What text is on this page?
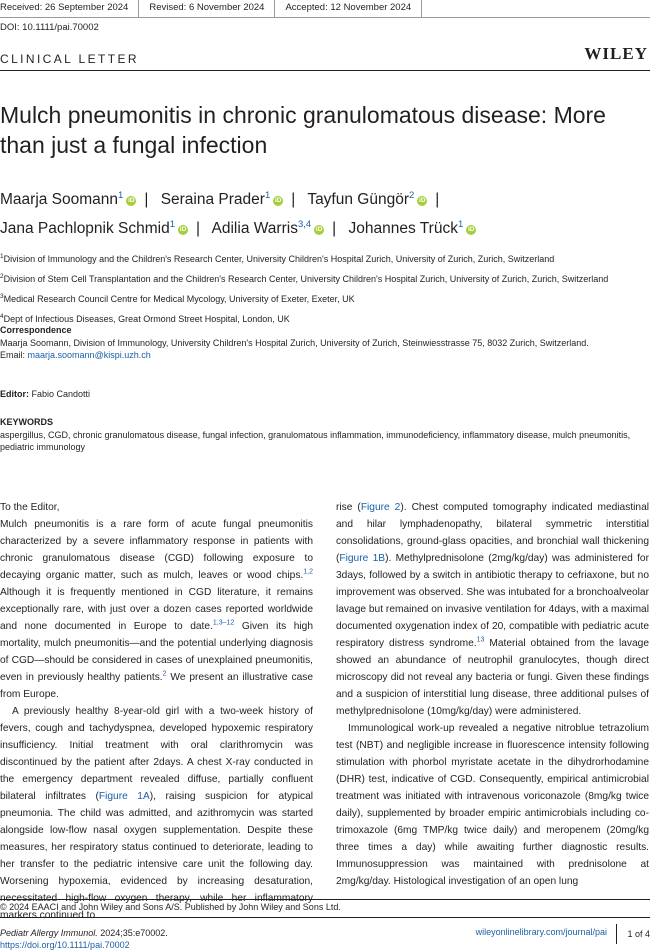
Received: 26 September 2024	Revised: 6 November 2024	Accepted: 12 November 2024
DOI: 10.1111/pai.70002
CLINICAL LETTER	WILEY
Mulch pneumonitis in chronic granulomatous disease: More than just a fungal infection
Maarja Soomann$^1$ iD | Seraina Prader$^1$ iD | Tayfun Güngör$^2$ iD |
Jana Pachlopnik Schmid$^1$ iD | Adilia Warris$^{3,4}$ iD | Johannes Trück$^1$ iD
$^1$Division of Immunology and the Children's Research Center, University Children's Hospital Zurich, University of Zurich, Zurich, Switzerland
$^2$Division of Stem Cell Transplantation and the Children's Research Center, University Children's Hospital Zurich, University of Zurich, Zurich, Switzerland
$^3$Medical Research Council Centre for Medical Mycology, University of Exeter, Exeter, UK
$^4$Dept of Infectious Diseases, Great Ormond Street Hospital, London, UK
Correspondence
Maarja Soomann, Division of Immunology, University Children's Hospital Zurich, University of Zurich, Steinwiesstrasse 75, 8032 Zurich, Switzerland.
Email: maarja.soomann@kispi.uzh.ch
Editor: Fabio Candotti
KEYWORDS
aspergillus, CGD, chronic granulomatous disease, fungal infection, granulomatous inflammation, immunodeficiency, inflammatory disease, mulch pneumonitis, pediatric immunology

To the Editor,

Mulch pneumonitis is a rare form of acute fungal pneumonitis characterized by a severe inflammatory response in patients with chronic granulomatous disease (CGD) following exposure to decaying organic matter, such as mulch, leaves or wood chips.$^{1,2}$ Although it is frequently mentioned in CGD literature, it remains exceptionally rare, with just over a dozen cases reported worldwide and none documented in Europe to date.$^{1,3-12}$ Given its high mortality, mulch pneumonitis—and the potential underlying diagnosis of CGD—should be considered in cases of unexplained pneumonitis, even in previously healthy patients.$^2$ We present an illustrative case from Europe.

A previously healthy 8-year-old girl with a two-week history of fevers, cough and tachydyspnea, developed hypoxemic respiratory insufficiency. Initial treatment with oral clarithromycin was discontinued by the patient after 2days. A chest X-ray conducted in the emergency department revealed diffuse, partially confluent bilateral infiltrates (Figure 1A), raising suspicion for atypical pneumonia. The child was admitted, and azithromycin was started alongside low-flow nasal oxygen supplementation. Despite these measures, her respiratory status continued to deteriorate, leading to her transfer to the pediatric intensive care unit the following day. Worsening hypoxemia, evidenced by increasing desaturation, necessitated high-flow oxygen therapy, while her inflammatory markers continued to

rise (Figure 2). Chest computed tomography indicated mediastinal and hilar lymphadenopathy, bilateral symmetric interstitial consolidations, ground-glass opacities, and bronchial wall thickening (Figure 1B). Methylprednisolone (2mg/kg/day) was administered for 3days, followed by a switch in antibiotic therapy to cefriaxone, but no improvement was observed. She was intubated for a bronchoalveolar lavage but remained on invasive ventilation for 4days, with a maximal documented oxygenation index of 20, compatible with pediatric acute respiratory distress syndrome.$^{13}$ Material obtained from the lavage showed an abundance of neutrophil granulocytes, though direct microscopy did not reveal any bacteria or fungi. Given these findings and a suspicion of interstitial lung disease, three additional pulses of methylprednisolone (10mg/kg/day) were administered.

Immunological work-up revealed a negative nitroblue tetrazolium test (NBT) and negligible increase in fluorescence intensity following stimulation with phorbol myristate acetate in the dihydrorhodamine (DHR) test, indicative of CGD. Consequently, empirical antimicrobial treatment was initiated with intravenous voriconazole (8mg/kg twice daily), supplemented by broader empiric antimicrobials including co-trimoxazole (6mg TMP/kg twice daily) and meropenem (20mg/kg three times a day) while awaiting further diagnostic results. Immunosuppression was maintained with prednisolone at 2mg/kg/day. Histological investigation of an open lung

© 2024 EAACI and John Wiley and Sons A/S. Published by John Wiley and Sons Ltd.
Pediatr Allergy Immunol. 2024;35:e70002.
https://doi.org/10.1111/pai.70002
wileyonlinelibrary.com/journal/pai	1 of 4
